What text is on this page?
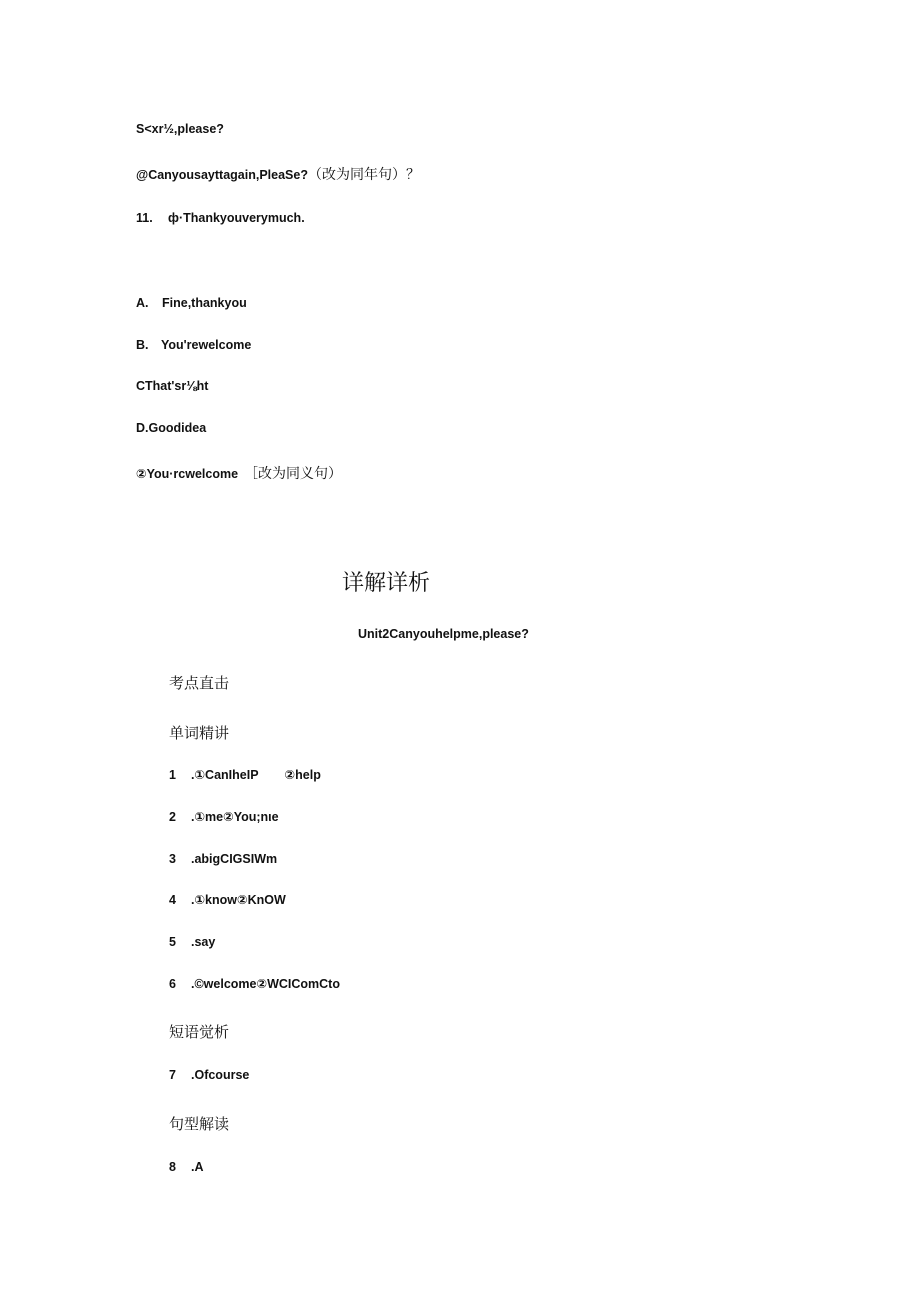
S<xr½,please?
@Canyousayttagain,PleaSe?（改为同年句）？
11. ф·Thankyouverymuch.
A. Fine,thankyou
B. You'rewelcome
CThat'sr⅛ht
D.Goodidea
②You·rcwelcome ［改为同义句）
详解详析
Unit2Canyouhelpme,please?
考点直击
单词精讲
1 .①CanIheIP ②help
2 .①me②You;nιe
3 .abigCIGSIWm
4 .①know②KnOW
5 .say
6 .©welcome②WCIComCto
短语觉析
7 .Ofcourse
句型解读
8 .A
